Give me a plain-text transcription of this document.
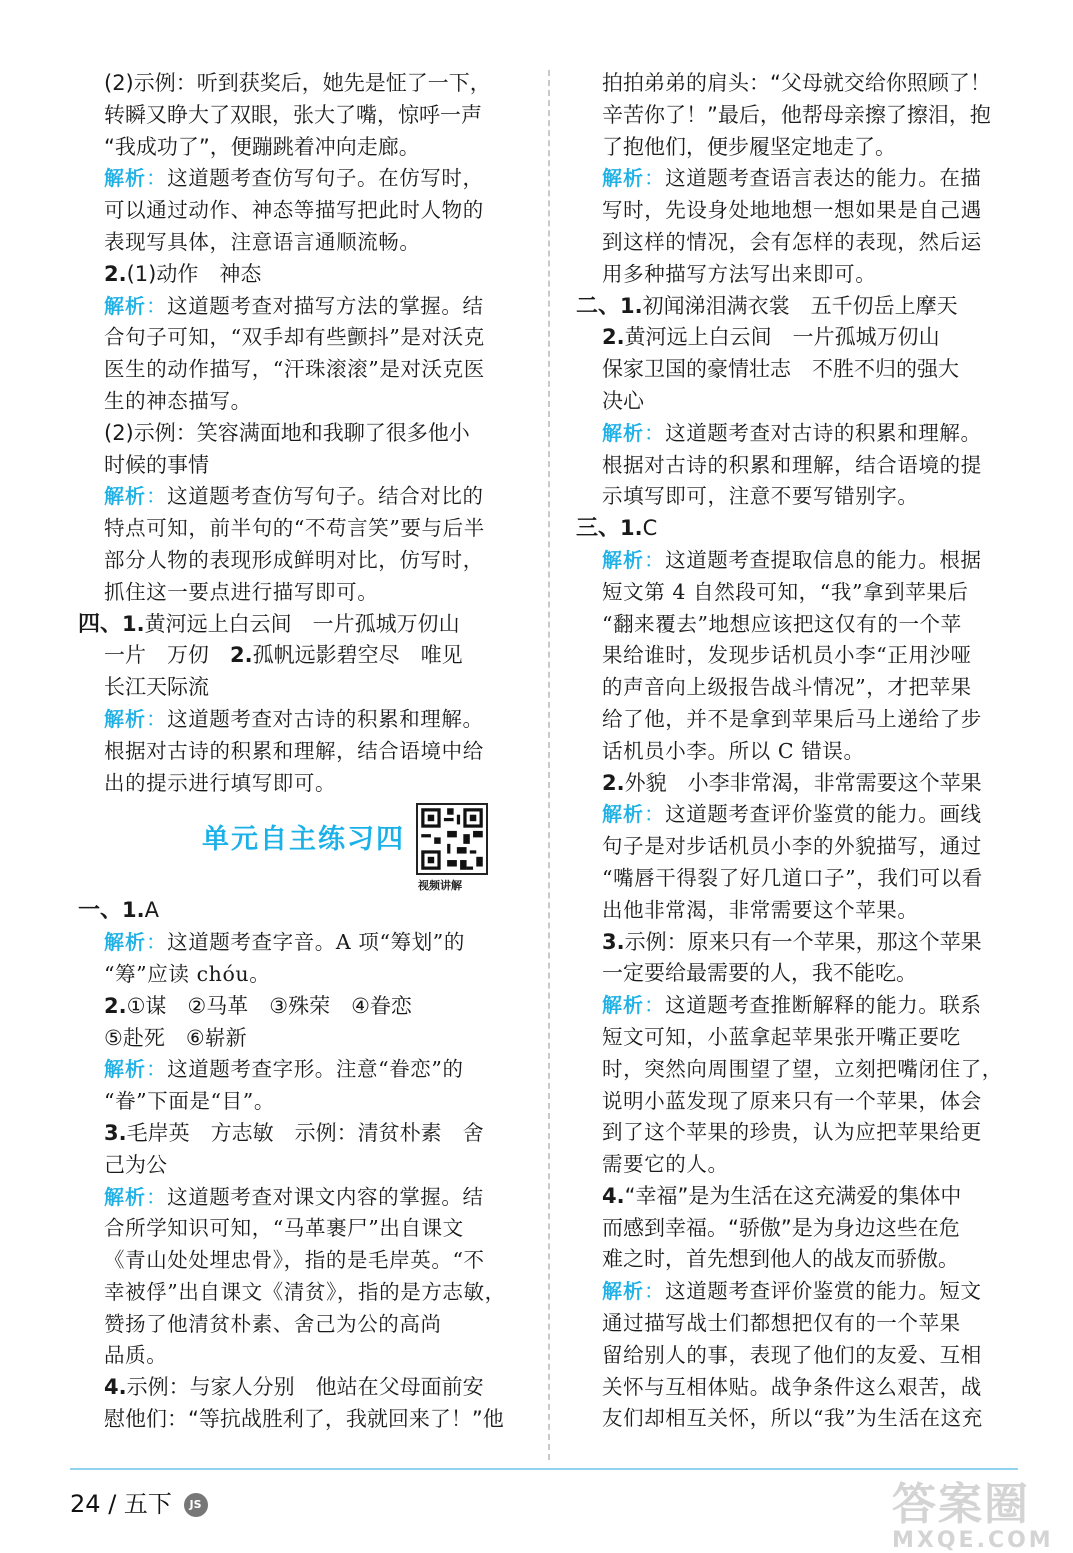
(2)示例：听到获奖后，她先是怔了一下，
转瞬又睁大了双眼，张大了嘴，惊呼一声
“我成功了”，便蹦跳着冲向走廊。
解析：这道题考查仿写句子。在仿写时，
可以通过动作、神态等描写把此时人物的
表现写具体，注意语言通顺流畅。
2.(1)动作　神态
解析：这道题考查对描写方法的掌握。结
合句子可知，“双手却有些颤抖”是对沃克
医生的动作描写，“汗珠滚滚”是对沃克医
生的神态描写。
(2)示例：笑容满面地和我聊了很多他小
时候的事情
解析：这道题考查仿写句子。结合对比的
特点可知，前半句的“不苟言笑”要与后半
部分人物的表现形成鲜明对比，仿写时，
抓住这一要点进行描写即可。
四、1.黄河远上白云间　一片孤城万仞山
一片　万仞　2.孤帆远影碧空尽　唯见
长江天际流
解析：这道题考查对古诗的积累和理解。
根据对古诗的积累和理解，结合语境中给
出的提示进行填写即可。
单元自主练习四
视频讲解
一、1.A
解析：这道题考查字音。A 项“筹划”的
“筹”应读 chóu。
2.①谋　②马革　③殊荣　④眷恋
⑤赴死　⑥崭新
解析：这道题考查字形。注意“眷恋”的
“眷”下面是“目”。
3.毛岸英　方志敏　示例：清贫朴素　舍
己为公
解析：这道题考查对课文内容的掌握。结
合所学知识可知，“马革裹尸”出自课文
《青山处处埋忠骨》，指的是毛岸英。“不
幸被俘”出自课文《清贫》，指的是方志敏，
赞扬了他清贫朴素、舍己为公的高尚
品质。
4.示例：与家人分别　他站在父母面前安
慰他们：“等抗战胜利了，我就回来了！”他
拍拍弟弟的肩头：“父母就交给你照顾了！
辛苦你了！”最后，他帮母亲擦了擦泪，抱
了抱他们，便步履坚定地走了。
解析：这道题考查语言表达的能力。在描
写时，先设身处地地想一想如果是自己遇
到这样的情况，会有怎样的表现，然后运
用多种描写方法写出来即可。
二、1.初闻涕泪满衣裳　五千仞岳上摩天
2.黄河远上白云间　一片孤城万仞山
保家卫国的豪情壮志　不胜不归的强大
决心
解析：这道题考查对古诗的积累和理解。
根据对古诗的积累和理解，结合语境的提
示填写即可，注意不要写错别字。
三、1.C
解析：这道题考查提取信息的能力。根据
短文第 4 自然段可知，“我”拿到苹果后
“翻来覆去”地想应该把这仅有的一个苹
果给谁时，发现步话机员小李“正用沙哑
的声音向上级报告战斗情况”，才把苹果
给了他，并不是拿到苹果后马上递给了步
话机员小李。所以 C 错误。
2.外貌　小李非常渴，非常需要这个苹果
解析：这道题考查评价鉴赏的能力。画线
句子是对步话机员小李的外貌描写，通过
“嘴唇干得裂了好几道口子”，我们可以看
出他非常渴，非常需要这个苹果。
3.示例：原来只有一个苹果，那这个苹果
一定要给最需要的人，我不能吃。
解析：这道题考查推断解释的能力。联系
短文可知，小蓝拿起苹果张开嘴正要吃
时，突然向周围望了望，立刻把嘴闭住了，
说明小蓝发现了原来只有一个苹果，体会
到了这个苹果的珍贵，认为应把苹果给更
需要它的人。
4.“幸福”是为生活在这充满爱的集体中
而感到幸福。“骄傲”是为身边这些在危
难之时，首先想到他人的战友而骄傲。
解析：这道题考查评价鉴赏的能力。短文
通过描写战士们都想把仅有的一个苹果
留给别人的事，表现了他们的友爱、互相
关怀与互相体贴。战争条件这么艰苦，战
友们却相互关怀，所以“我”为生活在这充
24 / 五下 JS	答案圈
MXQE.COM
